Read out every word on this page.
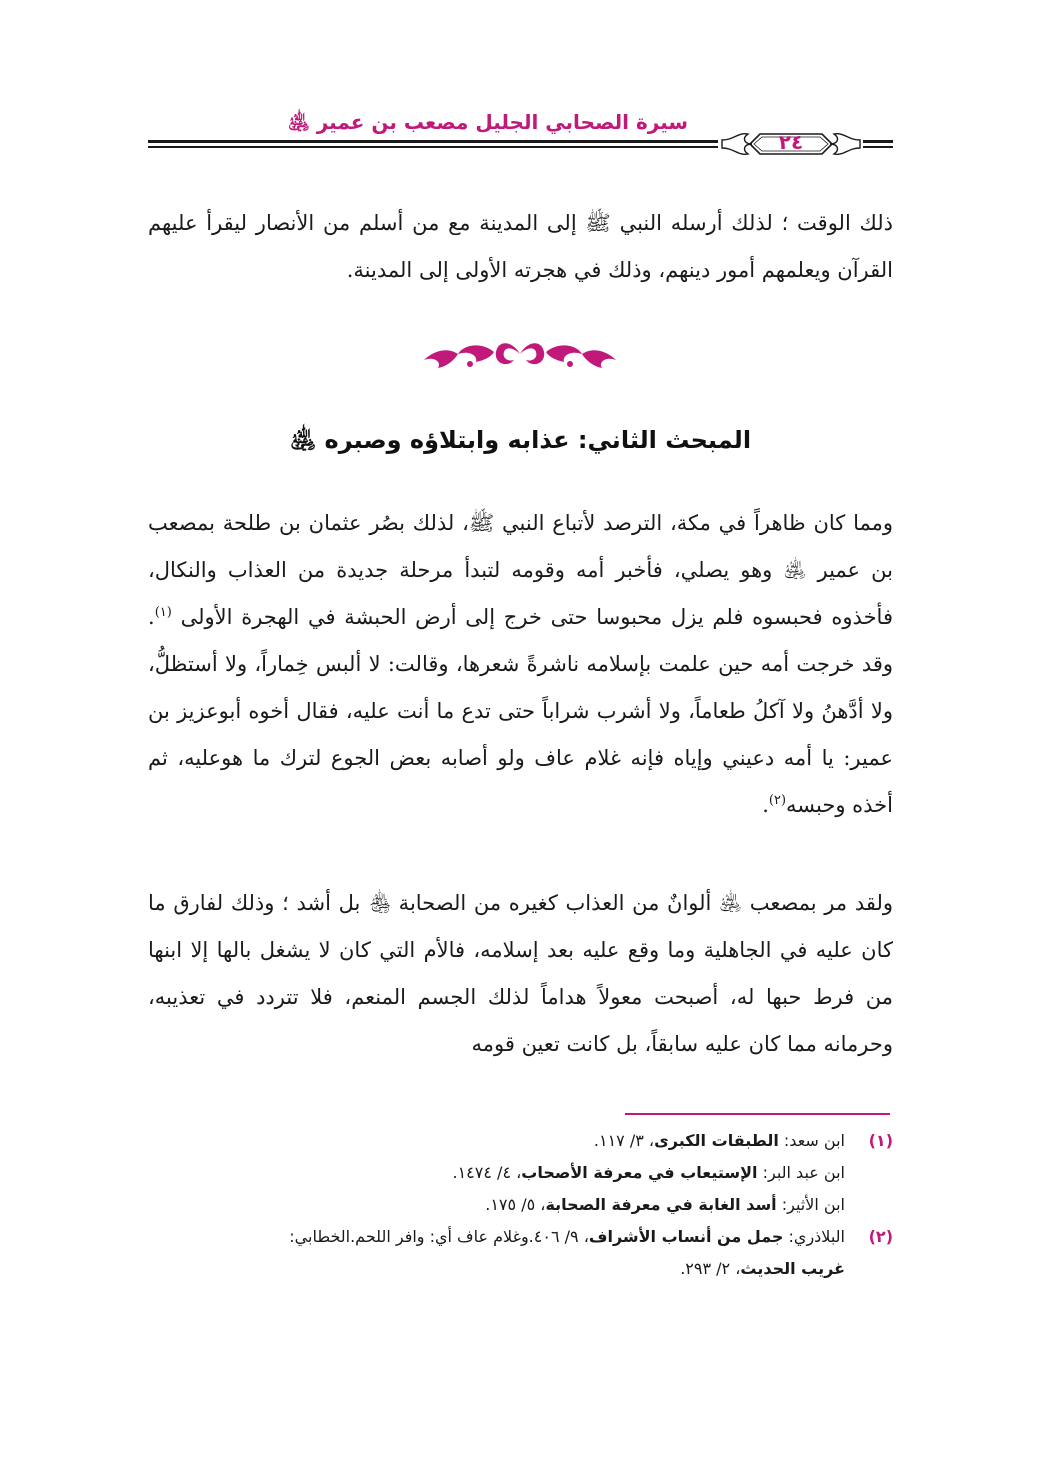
سيرة الصحابي الجليل مصعب بن عمير ﵁
٢٤
ذلك الوقت ؛ لذلك أرسله النبي ﷺ إلى المدينة مع من أسلم من الأنصار ليقرأ عليهم القرآن ويعلمهم أمور دينهم، وذلك في هجرته الأولى إلى المدينة.
المبحث الثاني: عذابه وابتلاؤه وصبره ﵁
ومما كان ظاهراً في مكة، الترصد لأتباع النبي ﷺ، لذلك بصُر عثمان بن طلحة بمصعب بن عمير ﵁ وهو يصلي، فأخبر أمه وقومه لتبدأ مرحلة جديدة من العذاب والنكال، فأخذوه فحبسوه فلم يزل محبوسا حتى خرج إلى أرض الحبشة في الهجرة الأولى $^{(١)}$. وقد خرجت أمه حين علمت بإسلامه ناشرةً شعرها، وقالت: لا ألبس خِماراً، ولا أستظلُّ، ولا أدَّهنُ ولا آكلُ طعاماً، ولا أشرب شراباً حتى تدع ما أنت عليه، فقال أخوه أبوعزيز بن عمير: يا أمه دعيني وإياه فإنه غلام عاف ولو أصابه بعض الجوع لترك ما هوعليه، ثم أخذه وحبسه$^{(٢)}$.
ولقد مر بمصعب ﵁ ألوانٌ من العذاب كغيره من الصحابة ﵃ بل أشد ؛ وذلك لفارق ما كان عليه في الجاهلية وما وقع عليه بعد إسلامه، فالأم التي كان لا يشغل بالها إلا ابنها من فرط حبها له، أصبحت معولاً هداماً لذلك الجسم المنعم، فلا تتردد في تعذيبه، وحرمانه مما كان عليه سابقاً، بل كانت تعين قومه
(١)
ابن سعد: الطبقات الكبرى، ٣/ ١١٧.
ابن عبد البر: الإستيعاب في معرفة الأصحاب، ٤/ ١٤٧٤.
ابن الأثير: أسد الغابة في معرفة الصحابة، ٥/ ١٧٥.
(٢)
البلاذري: جمل من أنساب الأشراف، ٩/ ٤٠٦.وغلام عاف أي: وافر اللحم.الخطابي:
غريب الحديث، ٢/ ٢٩٣.
